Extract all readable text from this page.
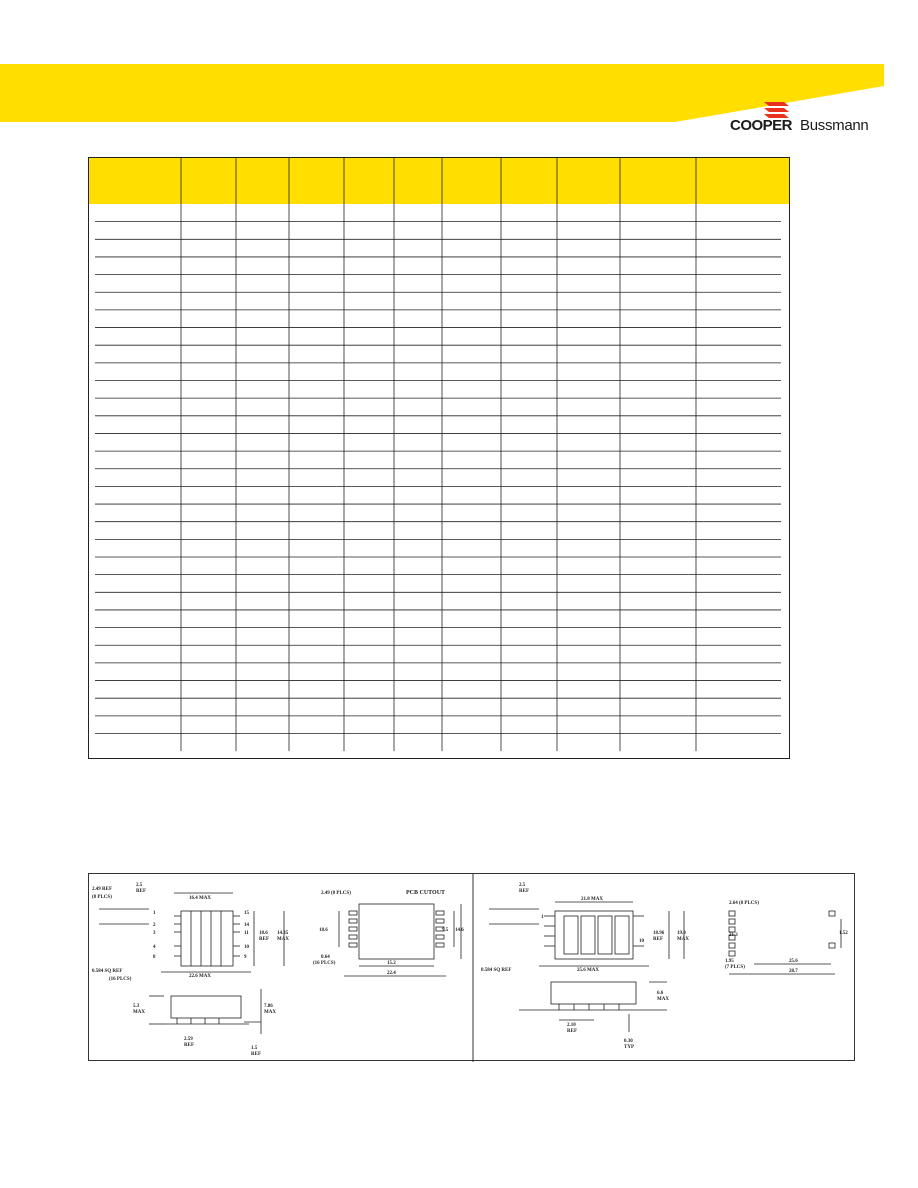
COOPER Bussmann
2.49 REF
(8 PLCS)
2.5
REF
16.4 MAX
15
18.6
REF
14.35
MAX
0.584 SQ REF
(16 PLCS)
22.6 MAX
1
2
3
4
8	9
10
11
14
5.3
MAX
7.86
MAX
2.59
REF
1.5
REF
2.49 (8 PLCS)	PCB CUTOUT
18.6	9.5 14.6
0.64
(16 PLCS)	15.2
22.4
2.5
REF
21.8 MAX
18.96
REF
19.0
MAX
0.584 SQ REF	25.6 MAX
1
10
6.6
MAX
2.10
REF
0.30
TYP
2.64 (8 PLCS)
21.3
1.95
(7 PLCS)
25.6
28.7
1.52
